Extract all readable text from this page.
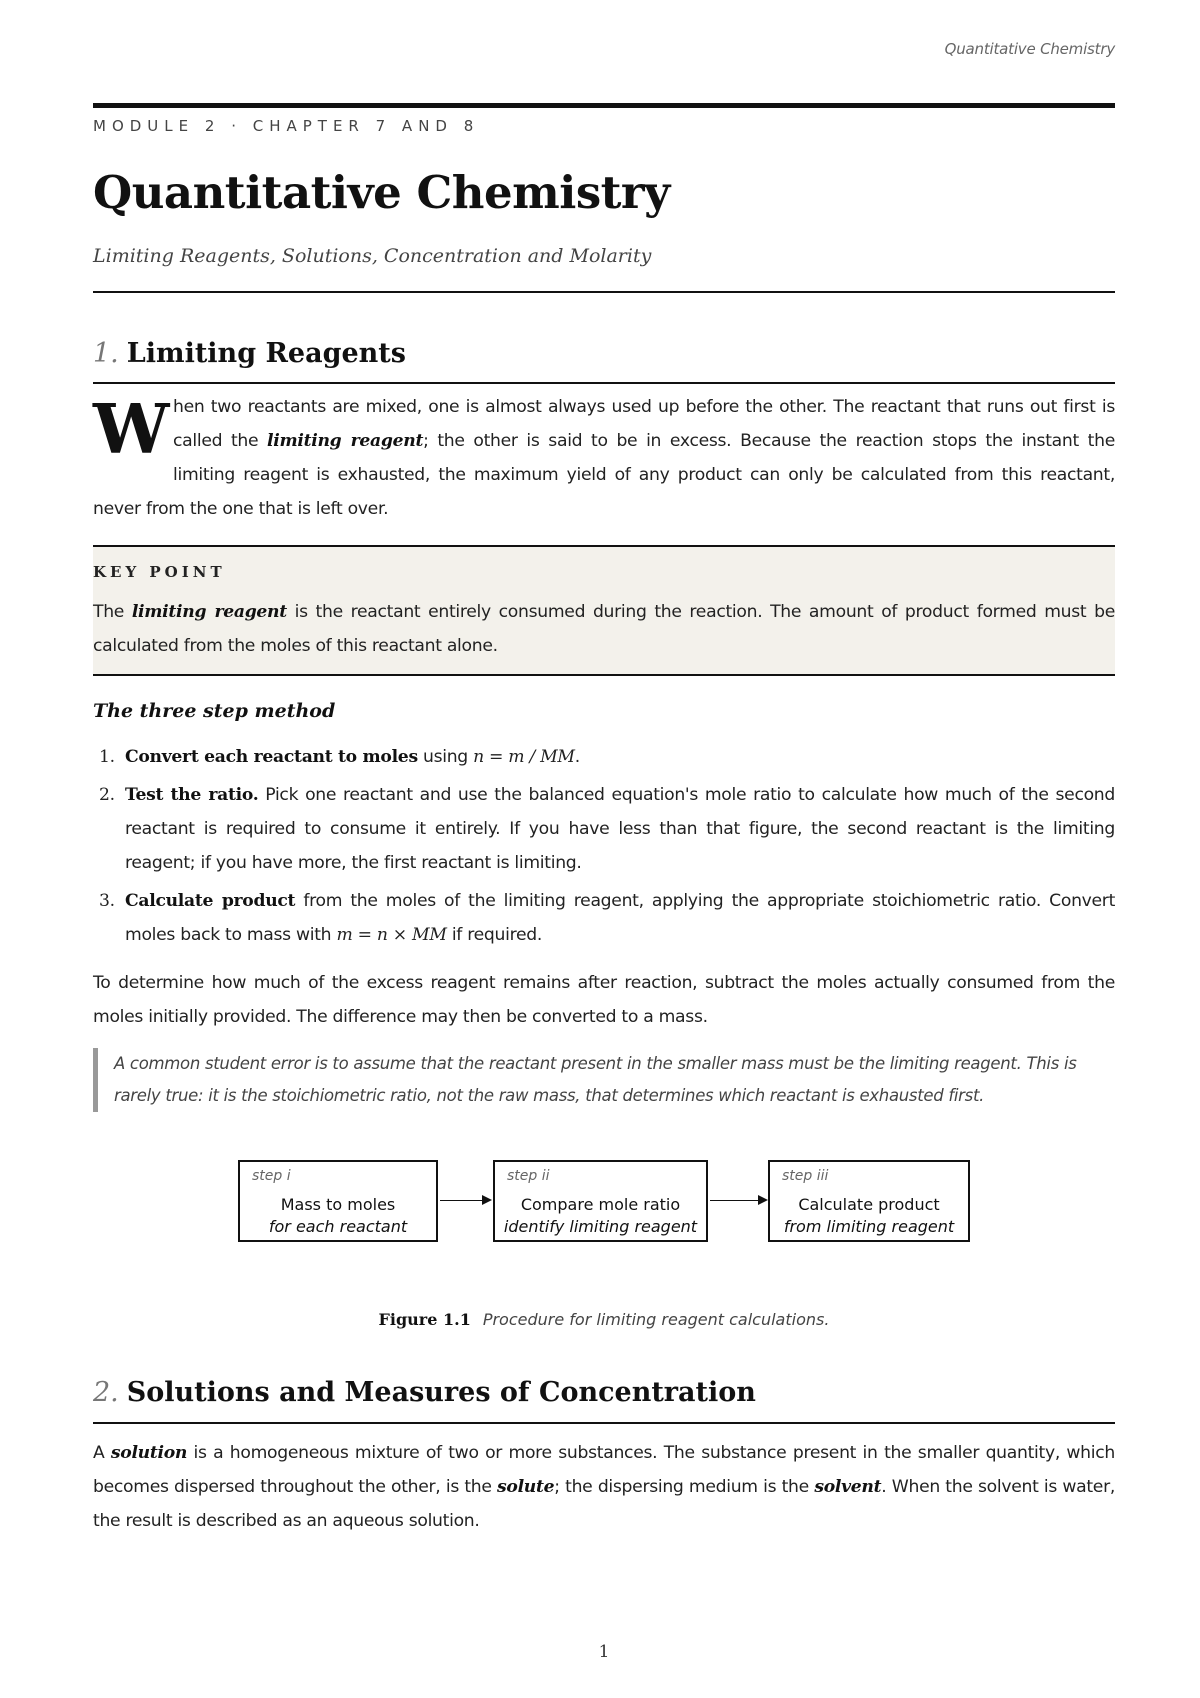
Quantitative Chemistry
MODULE 2 · CHAPTER 7 AND 8
Quantitative Chemistry
Limiting Reagents, Solutions, Concentration and Molarity
1. Limiting Reagents

When two reactants are mixed, one is almost always used up before the other. The reactant that runs out first is called the limiting reagent; the other is said to be in excess. Because the reaction stops the instant the limiting reagent is exhausted, the maximum yield of any product can only be calculated from this reactant, never from the one that is left over.

KEY POINT

The limiting reagent is the reactant entirely consumed during the reaction. The amount of product formed must be calculated from the moles of this reactant alone.

The three step method
1. Convert each reactant to moles using n = m / MM.
2. Test the ratio. Pick one reactant and use the balanced equation's mole ratio to calculate how much of the second reactant is required to consume it entirely. If you have less than that figure, the second reactant is the limiting reagent; if you have more, the first reactant is limiting.
3. Calculate product from the moles of the limiting reagent, applying the appropriate stoichiometric ratio. Convert moles back to mass with m = n × MM if required.

To determine how much of the excess reagent remains after reaction, subtract the moles actually consumed from the moles initially provided. The difference may then be converted to a mass.

A common student error is to assume that the reactant present in the smaller mass must be the limiting reagent. This is rarely true: it is the stoichiometric ratio, not the raw mass, that determines which reactant is exhausted first.

step i
Mass to moles
for each reactant
step ii
Compare mole ratio
identify limiting reagent
step iii
Calculate product
from limiting reagent
Figure 1.1 Procedure for limiting reagent calculations.
2. Solutions and Measures of Concentration

A solution is a homogeneous mixture of two or more substances. The substance present in the smaller quantity, which becomes dispersed throughout the other, is the solute; the dispersing medium is the solvent. When the solvent is water, the result is described as an aqueous solution.

1
